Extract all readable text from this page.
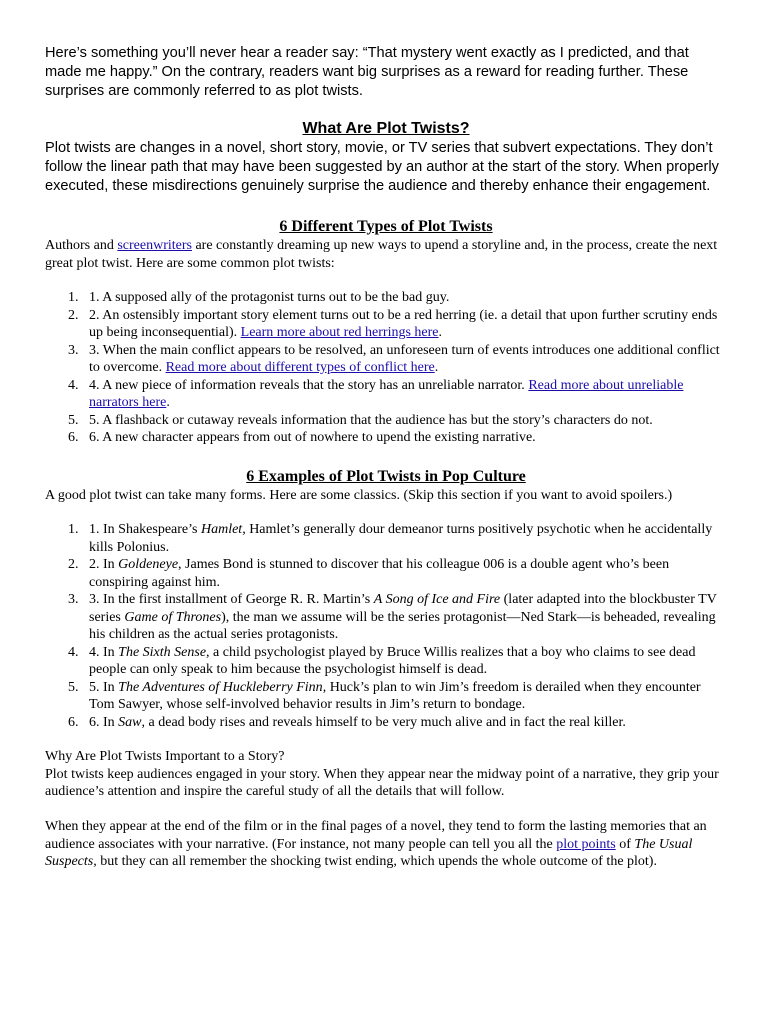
Here’s something you’ll never hear a reader say: “That mystery went exactly as I predicted, and that made me happy.” On the contrary, readers want big surprises as a reward for reading further. These surprises are commonly referred to as plot twists.

What Are Plot Twists?

Plot twists are changes in a novel, short story, movie, or TV series that subvert expectations. They don’t follow the linear path that may have been suggested by an author at the start of the story. When properly executed, these misdirections genuinely surprise the audience and thereby enhance their engagement.

6 Different Types of Plot Twists

Authors and screenwriters are constantly dreaming up new ways to upend a storyline and, in the process, create the next great plot twist. Here are some common plot twists:

1. 1. A supposed ally of the protagonist turns out to be the bad guy.
2. 2. An ostensibly important story element turns out to be a red herring (ie. a detail that upon further scrutiny ends up being inconsequential). Learn more about red herrings here.
3. 3. When the main conflict appears to be resolved, an unforeseen turn of events introduces one additional conflict to overcome. Read more about different types of conflict here.
4. 4. A new piece of information reveals that the story has an unreliable narrator. Read more about unreliable narrators here.
5. 5. A flashback or cutaway reveals information that the audience has but the story’s characters do not.
6. 6. A new character appears from out of nowhere to upend the existing narrative.
6 Examples of Plot Twists in Pop Culture

A good plot twist can take many forms. Here are some classics. (Skip this section if you want to avoid spoilers.)

1. 1. In Shakespeare’s Hamlet, Hamlet’s generally dour demeanor turns positively psychotic when he accidentally kills Polonius.
2. 2. In Goldeneye, James Bond is stunned to discover that his colleague 006 is a double agent who’s been conspiring against him.
3. 3. In the first installment of George R. R. Martin’s A Song of Ice and Fire (later adapted into the blockbuster TV series Game of Thrones), the man we assume will be the series protagonist—Ned Stark—is beheaded, revealing his children as the actual series protagonists.
4. 4. In The Sixth Sense, a child psychologist played by Bruce Willis realizes that a boy who claims to see dead people can only speak to him because the psychologist himself is dead.
5. 5. In The Adventures of Huckleberry Finn, Huck’s plan to win Jim’s freedom is derailed when they encounter Tom Sawyer, whose self-involved behavior results in Jim’s return to bondage.
6. 6. In Saw, a dead body rises and reveals himself to be very much alive and in fact the real killer.

Why Are Plot Twists Important to a Story?

Plot twists keep audiences engaged in your story. When they appear near the midway point of a narrative, they grip your audience’s attention and inspire the careful study of all the details that will follow.

When they appear at the end of the film or in the final pages of a novel, they tend to form the lasting memories that an audience associates with your narrative. (For instance, not many people can tell you all the plot points of The Usual Suspects, but they can all remember the shocking twist ending, which upends the whole outcome of the plot).
